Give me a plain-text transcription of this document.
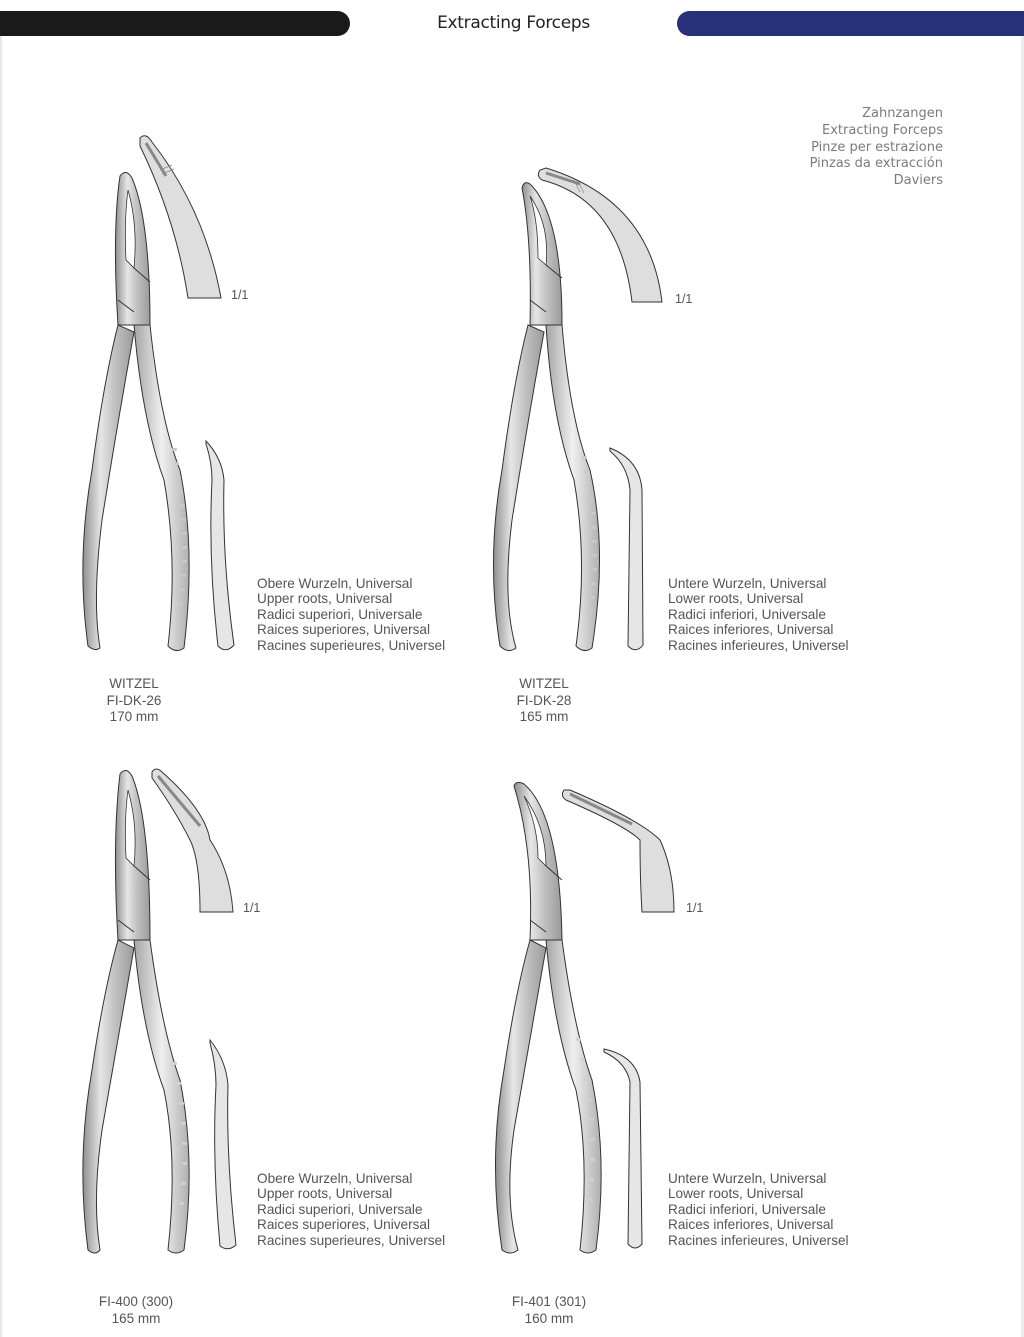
Extracting Forceps
Zahnzangen
Extracting Forceps
Pinze per estrazione
Pinzas da extracción
Daviers
1/1
Obere Wurzeln, Universal
Upper roots, Universal
Radici superiori, Universale
Raices superiores, Universal
Racines superieures, Universel
WITZEL
FI-DK-26
170 mm
1/1
Untere Wurzeln, Universal
Lower roots, Universal
Radici inferiori, Universale
Raices inferiores, Universal
Racines inferieures, Universel
WITZEL
FI-DK-28
165 mm
1/1
Obere Wurzeln, Universal
Upper roots, Universal
Radici superiori, Universale
Raices superiores, Universal
Racines superieures, Universel
FI-400 (300)
165 mm
1/1
Untere Wurzeln, Universal
Lower roots, Universal
Radici inferiori, Universale
Raices inferiores, Universal
Racines inferieures, Universel
FI-401 (301)
160 mm
